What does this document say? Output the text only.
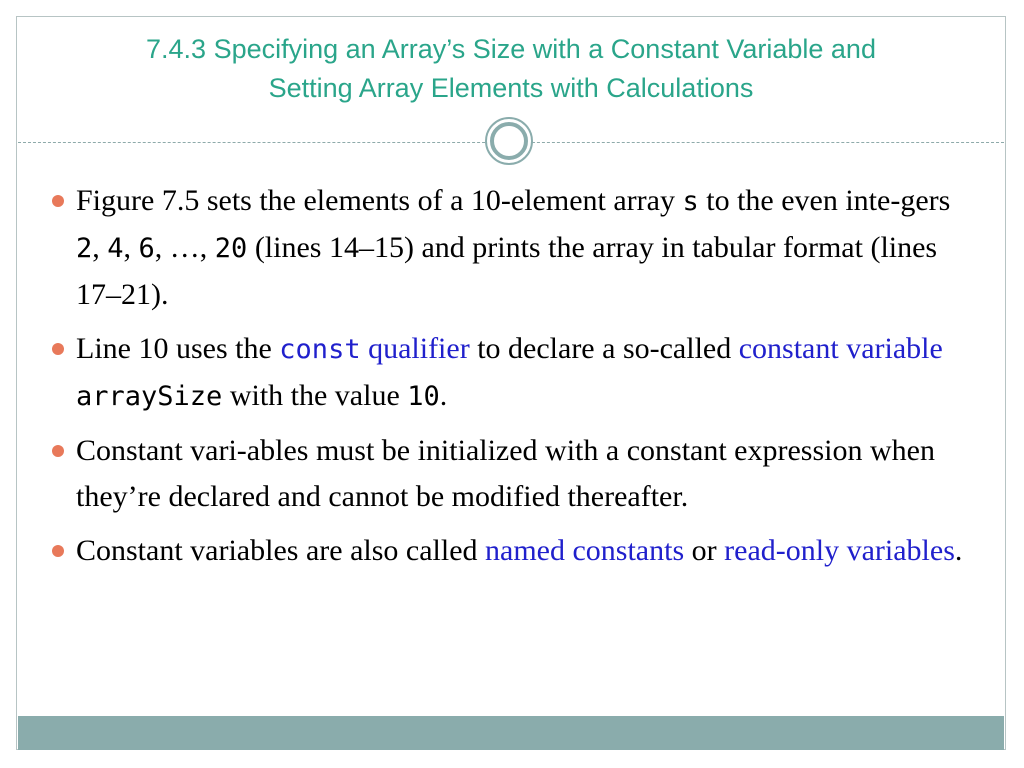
7.4.3 Specifying an Array’s Size with a Constant Variable and
Setting Array Elements with Calculations
Figure 7.5 sets the elements of a 10-element array s to the even inte-gers 2, 4, 6, …, 20 (lines 14–15) and prints the array in tabular format (lines 17–21).
Line 10 uses the const qualifier to declare a so-called constant variable arraySize with the value 10.
Constant vari-ables must be initialized with a constant expression when they’re declared and cannot be modified thereafter.
Constant variables are also called named constants or read-only variables.
